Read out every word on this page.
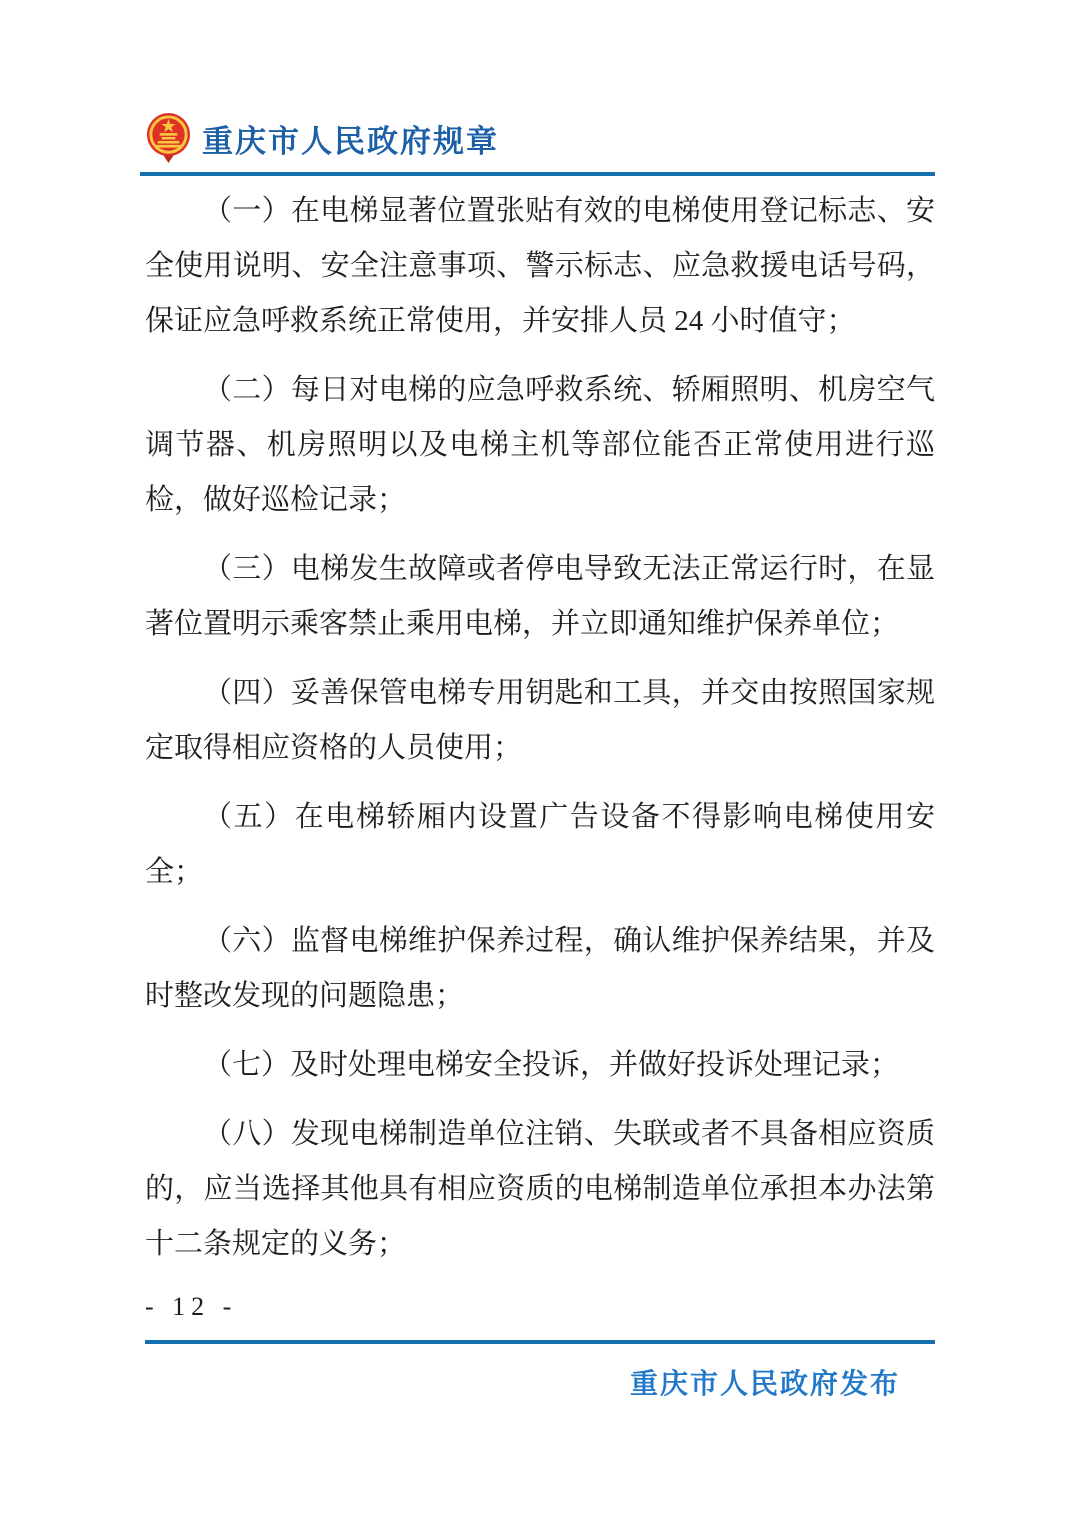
重庆市人民政府规章

（一）在电梯显著位置张贴有效的电梯使用登记标志、安全使用说明、安全注意事项、警示标志、应急救援电话号码，保证应急呼救系统正常使用，并安排人员 24 小时值守；

（二）每日对电梯的应急呼救系统、轿厢照明、机房空气调节器、机房照明以及电梯主机等部位能否正常使用进行巡检，做好巡检记录；

（三）电梯发生故障或者停电导致无法正常运行时，在显著位置明示乘客禁止乘用电梯，并立即通知维护保养单位；

（四）妥善保管电梯专用钥匙和工具，并交由按照国家规定取得相应资格的人员使用；

（五）在电梯轿厢内设置广告设备不得影响电梯使用安全；

（六）监督电梯维护保养过程，确认维护保养结果，并及时整改发现的问题隐患；

（七）及时处理电梯安全投诉，并做好投诉处理记录；

（八）发现电梯制造单位注销、失联或者不具备相应资质的，应当选择其他具有相应资质的电梯制造单位承担本办法第十二条规定的义务；

- 12 -
重庆市人民政府发布
